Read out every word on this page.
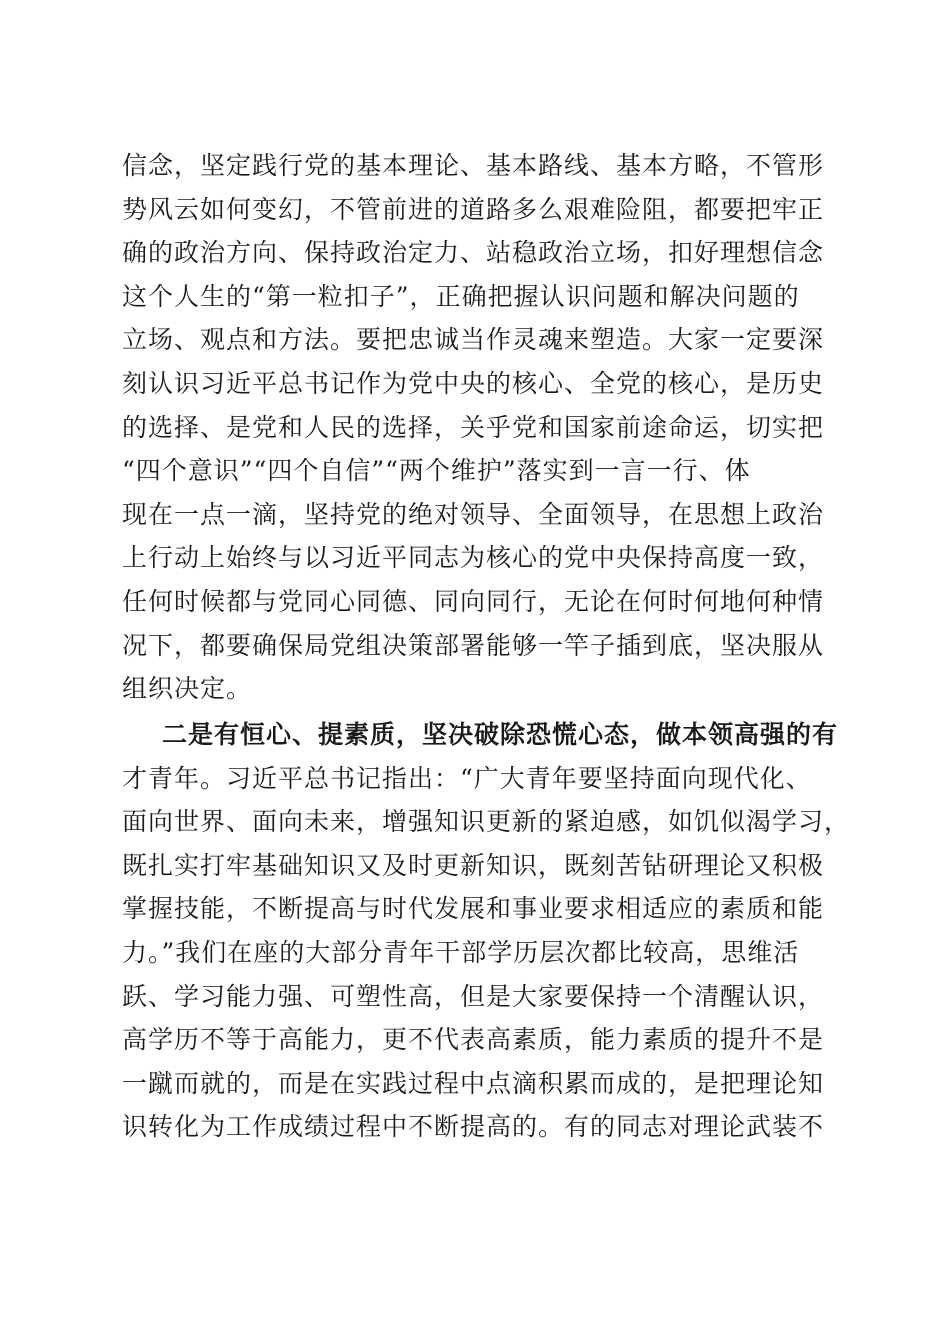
信念，坚定践行党的基本理论、基本路线、基本方略，不管形
势风云如何变幻，不管前进的道路多么艰难险阻，都要把牢正
确的政治方向、保持政治定力、站稳政治立场，扣好理想信念
这个人生的“第一粒扣子”，正确把握认识问题和解决问题的
立场、观点和方法。要把忠诚当作灵魂来塑造。大家一定要深
刻认识习近平总书记作为党中央的核心、全党的核心，是历史
的选择、是党和人民的选择，关乎党和国家前途命运，切实把
“四个意识”“四个自信”“两个维护”落实到一言一行、体
现在一点一滴，坚持党的绝对领导、全面领导，在思想上政治
上行动上始终与以习近平同志为核心的党中央保持高度一致，
任何时候都与党同心同德、同向同行，无论在何时何地何种情
况下，都要确保局党组决策部署能够一竿子插到底，坚决服从
组织决定。
二是有恒心、提素质，坚决破除恐慌心态，做本领高强的有
才青年。习近平总书记指出：“广大青年要坚持面向现代化、
面向世界、面向未来，增强知识更新的紧迫感，如饥似渴学习，
既扎实打牢基础知识又及时更新知识，既刻苦钻研理论又积极
掌握技能，不断提高与时代发展和事业要求相适应的素质和能
力。”我们在座的大部分青年干部学历层次都比较高，思维活
跃、学习能力强、可塑性高，但是大家要保持一个清醒认识，
高学历不等于高能力，更不代表高素质，能力素质的提升不是
一蹴而就的，而是在实践过程中点滴积累而成的，是把理论知
识转化为工作成绩过程中不断提高的。有的同志对理论武装不
